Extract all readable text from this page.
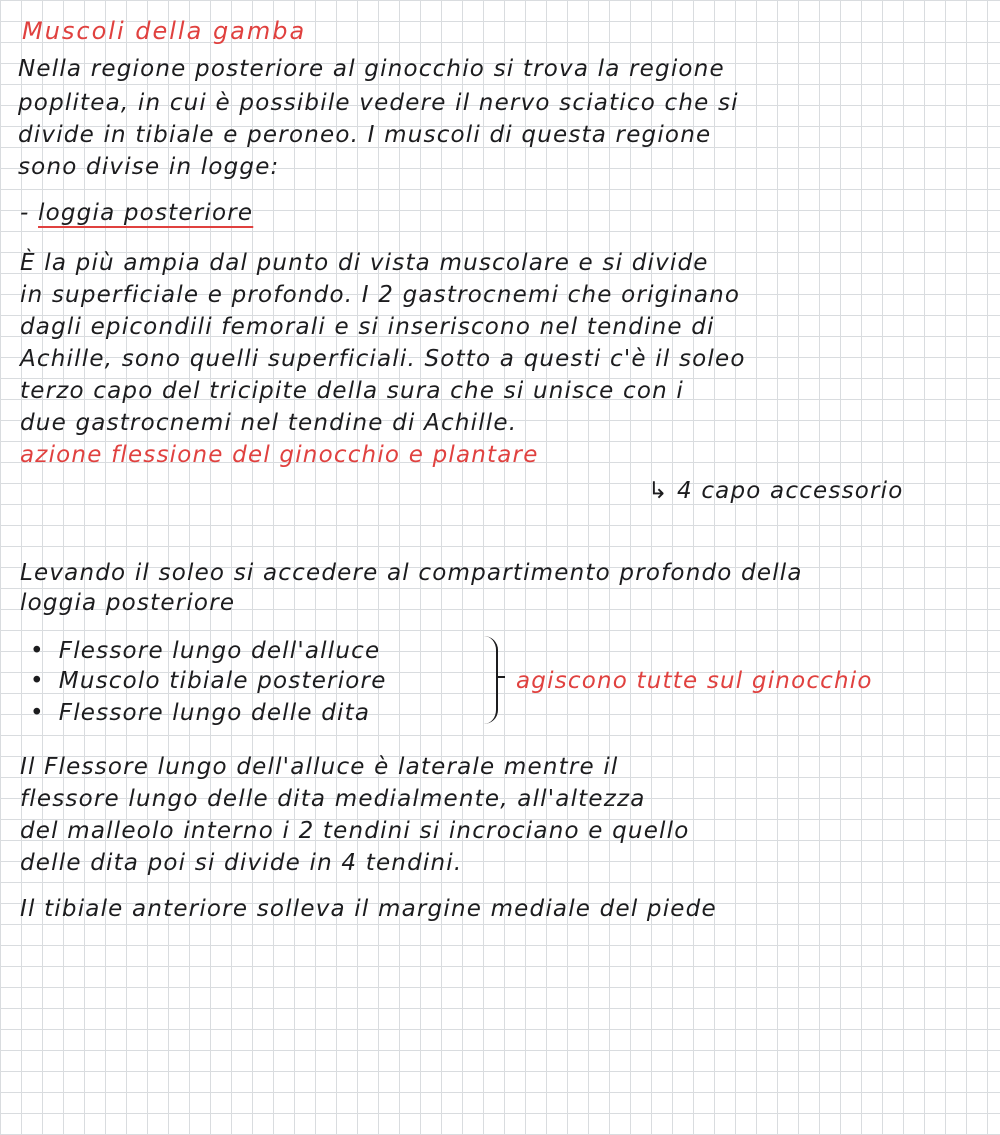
Muscoli della gamba
Nella regione posteriore al ginocchio si trova la regione
poplitea, in cui è possibile vedere il nervo sciatico che si
divide in tibiale e peroneo. I muscoli di questa regione
sono divise in logge:
- loggia posteriore
È la più ampia dal punto di vista muscolare e si divide
in superficiale e profondo. I 2 gastrocnemi che originano
dagli epicondili femorali e si inseriscono nel tendine di
Achille, sono quelli superficiali. Sotto a questi c'è il soleo
terzo capo del tricipite della sura che si unisce con i
due gastrocnemi nel tendine di Achille.
azione flessione del ginocchio e plantare
↳ 4 capo accessorio
Levando il soleo si accedere al compartimento profondo della
loggia posteriore
• Flessore lungo dell'alluce
• Muscolo tibiale posteriore
• Flessore lungo delle dita
agiscono tutte sul ginocchio
Il Flessore lungo dell'alluce è laterale mentre il
flessore lungo delle dita medialmente, all'altezza
del malleolo interno i 2 tendini si incrociano e quello
delle dita poi si divide in 4 tendini.
Il tibiale anteriore solleva il margine mediale del piede
